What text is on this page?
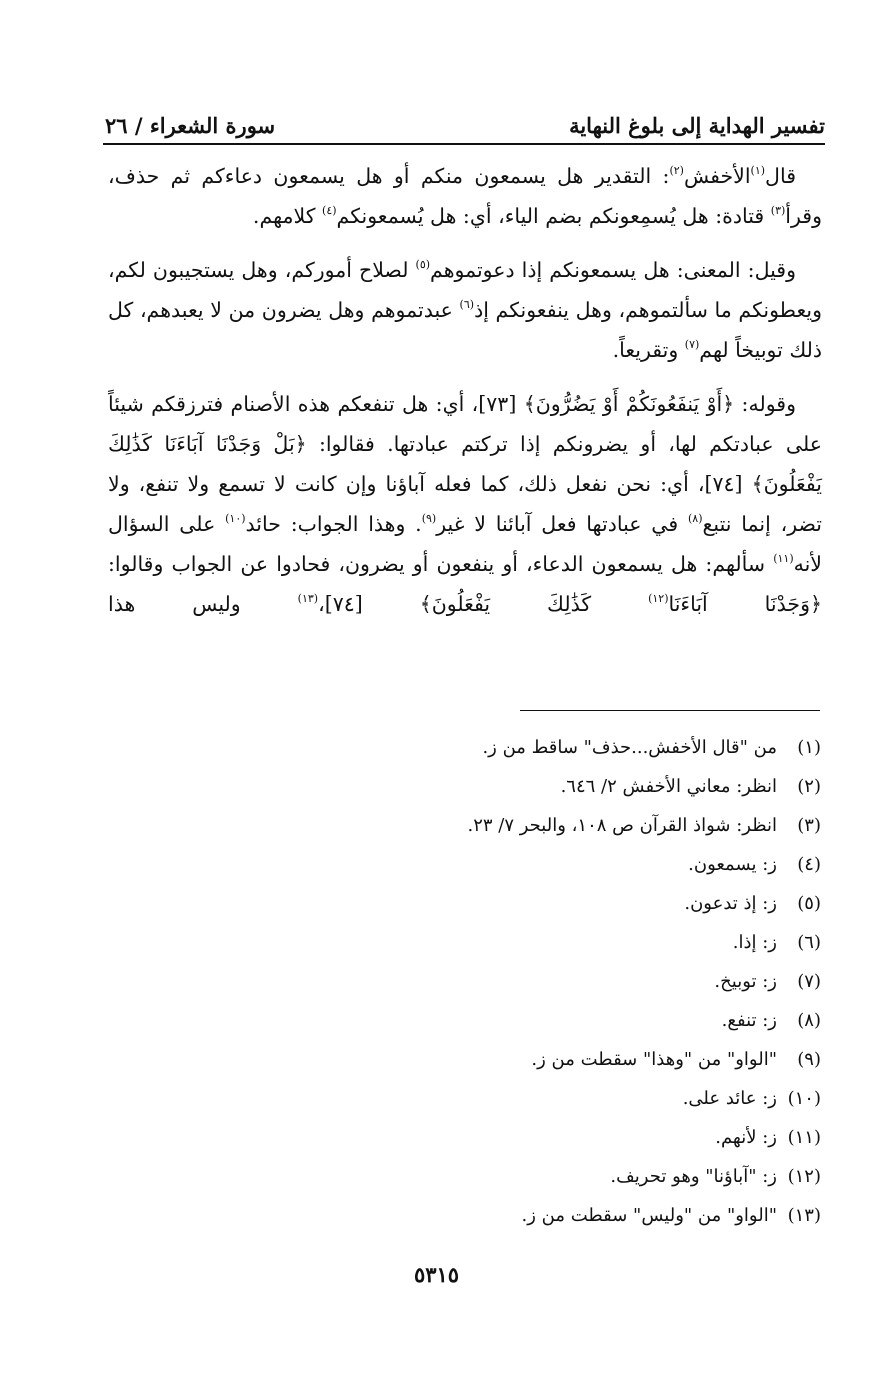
تفسير الهداية إلى بلوغ النهاية
سورة الشعراء / ٢٦

قال$^{(١)}$الأخفش$^{(٢)}$: التقدير هل يسمعون منكم أو هل يسمعون دعاءكم ثم حذف، وقرأ$^{(٣)}$ قتادة: هل يُسمِعونكم بضم الياء، أي: هل يُسمعونكم$^{(٤)}$ كلامهم.

وقيل: المعنى: هل يسمعونكم إذا دعوتموهم$^{(٥)}$ لصلاح أموركم، وهل يستجيبون لكم، ويعطونكم ما سألتموهم، وهل ينفعونكم إذ$^{(٦)}$ عبدتموهم وهل يضرون من لا يعبدهم، كل ذلك توبيخاً لهم$^{(٧)}$ وتقريعاً.

وقوله: ﴿أَوْ يَنفَعُونَكُمْ أَوْ يَضُرُّونَ﴾ [٧٣]، أي: هل تنفعكم هذه الأصنام فترزقكم شيئاً على عبادتكم لها، أو يضرونكم إذا تركتم عبادتها. فقالوا: ﴿بَلْ وَجَدْنَا آبَاءَنَا كَذَٰلِكَ يَفْعَلُونَ﴾ [٧٤]، أي: نحن نفعل ذلك، كما فعله آباؤنا وإن كانت لا تسمع ولا تنفع، ولا تضر، إنما نتبع$^{(٨)}$ في عبادتها فعل آبائنا لا غير$^{(٩)}$. وهذا الجواب: حائد$^{(١٠)}$ على السؤال لأنه$^{(١١)}$ سألهم: هل يسمعون الدعاء، أو ينفعون أو يضرون، فحادوا عن الجواب وقالوا: ﴿وَجَدْنَا آبَاءَنَا$^{(١٢)}$ كَذَٰلِكَ يَفْعَلُونَ﴾ [٧٤]،$^{(١٣)}$ وليس هذا

(١)
من "قال الأخفش...حذف" ساقط من ز.
(٢)
انظر: معاني الأخفش ٢/ ٦٤٦.
(٣)
انظر: شواذ القرآن ص ١٠٨، والبحر ٧/ ٢٣.
(٤)
ز: يسمعون.
(٥)
ز: إذ تدعون.
(٦)
ز: إذا.
(٧)
ز: توبيخ.
(٨)
ز: تنفع.
(٩)
"الواو" من "وهذا" سقطت من ز.
(١٠)
ز: عائد على.
(١١)
ز: لأنهم.
(١٢)
ز: "آباؤنا" وهو تحريف.
(١٣)
"الواو" من "وليس" سقطت من ز.
٥٣١٥
